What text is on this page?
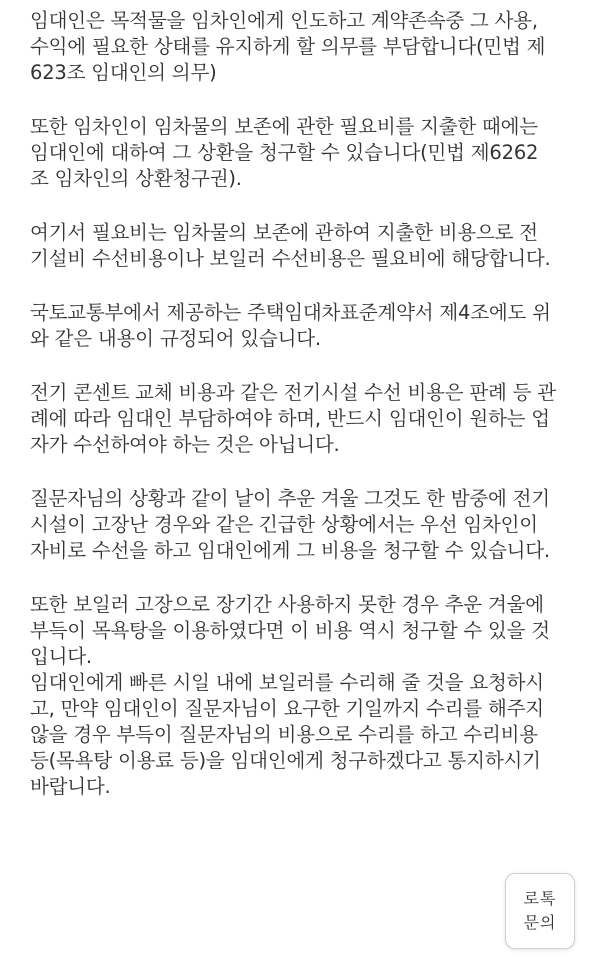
임대인은 목적물을 임차인에게 인도하고 계약존속중 그 사용,
수익에 필요한 상태를 유지하게 할 의무를 부담합니다(민법 제
623조 임대인의 의무)
또한 임차인이 임차물의 보존에 관한 필요비를 지출한 때에는
임대인에 대하여 그 상환을 청구할 수 있습니다(민법 제6262
조 임차인의 상환청구권).
여기서 필요비는 임차물의 보존에 관하여 지출한 비용으로 전
기설비 수선비용이나 보일러 수선비용은 필요비에 해당합니다.
국토교통부에서 제공하는 주택임대차표준계약서 제4조에도 위
와 같은 내용이 규정되어 있습니다.
전기 콘센트 교체 비용과 같은 전기시설 수선 비용은 판례 등 관
례에 따라 임대인 부담하여야 하며, 반드시 임대인이 원하는 업
자가 수선하여야 하는 것은 아닙니다.
질문자님의 상황과 같이 날이 추운 겨울 그것도 한 밤중에 전기
시설이 고장난 경우와 같은 긴급한 상황에서는 우선 임차인이
자비로 수선을 하고 임대인에게 그 비용을 청구할 수 있습니다.
또한 보일러 고장으로 장기간 사용하지 못한 경우 추운 겨울에
부득이 목욕탕을 이용하였다면 이 비용 역시 청구할 수 있을 것
입니다.
임대인에게 빠른 시일 내에 보일러를 수리해 줄 것을 요청하시
고, 만약 임대인이 질문자님이 요구한 기일까지 수리를 해주지
않을 경우 부득이 질문자님의 비용으로 수리를 하고 수리비용
등(목욕탕 이용료 등)을 임대인에게 청구하겠다고 통지하시기
바랍니다.
로톡
문의
